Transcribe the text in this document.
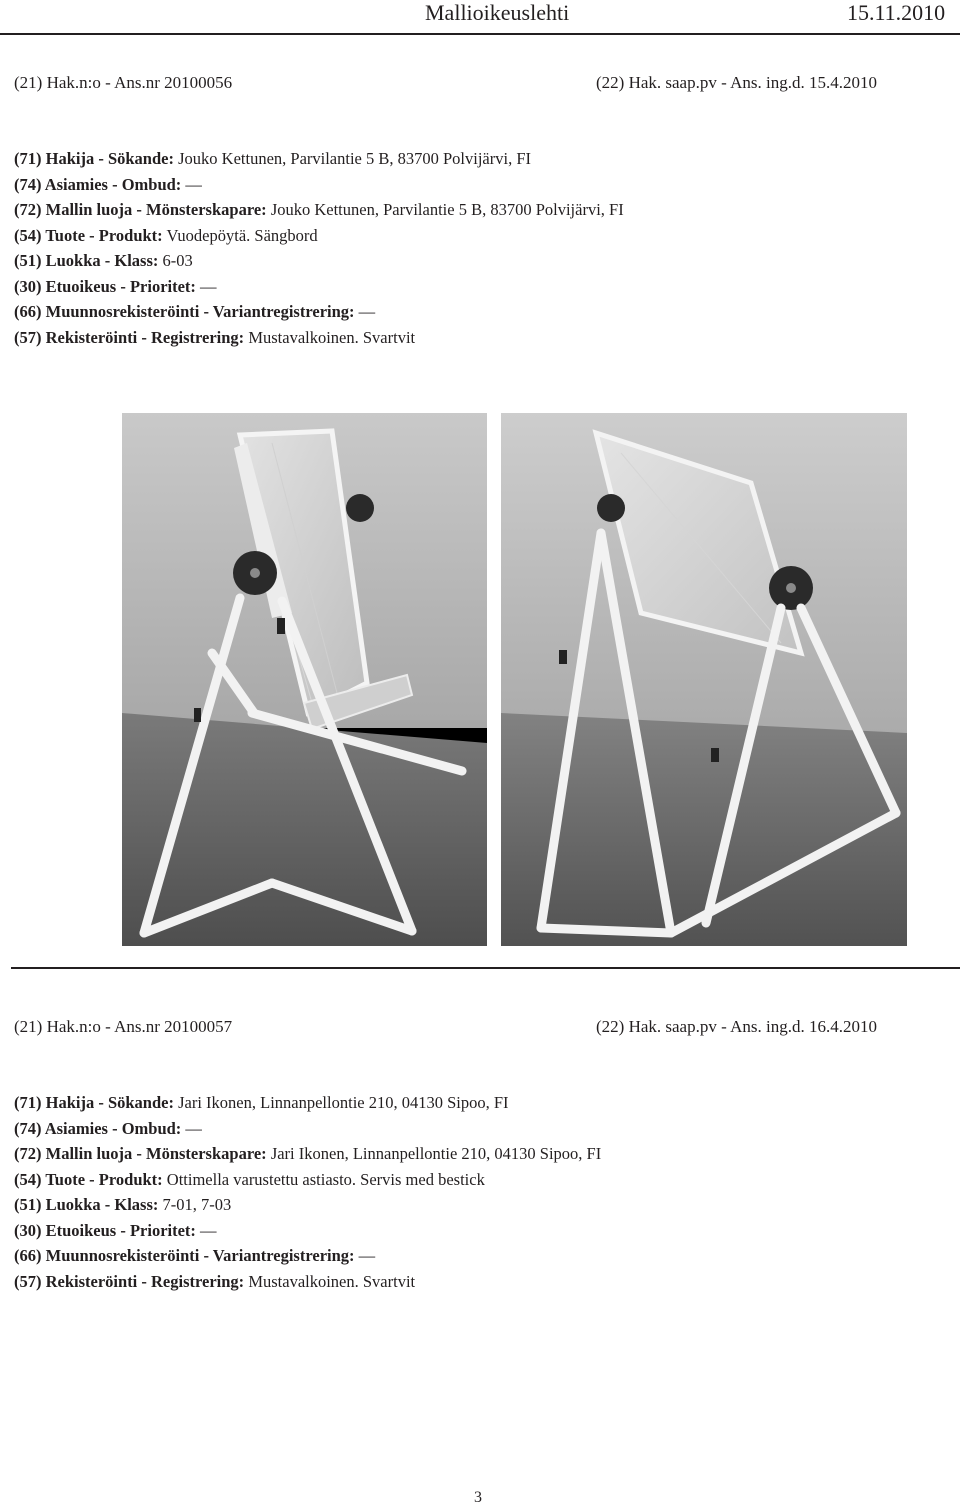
Mallioikeuslehti	15.11.2010
(21) Hak.n:o - Ans.nr 20100056	(22) Hak. saap.pv - Ans. ing.d. 15.4.2010
(71) Hakija - Sökande: Jouko Kettunen, Parvilantie 5 B, 83700 Polvijärvi, FI
(74) Asiamies - Ombud: —
(72) Mallin luoja - Mönsterskapare: Jouko Kettunen, Parvilantie 5 B, 83700 Polvijärvi, FI
(54) Tuote - Produkt: Vuodepöytä. Sängbord
(51) Luokka - Klass: 6-03
(30) Etuoikeus - Prioritet: —
(66) Muunnosrekisteröinti - Variantregistrering: —
(57) Rekisteröinti - Registrering: Mustavalkoinen. Svartvit
(21) Hak.n:o - Ans.nr 20100057	(22) Hak. saap.pv - Ans. ing.d. 16.4.2010
(71) Hakija - Sökande: Jari Ikonen, Linnanpellontie 210, 04130 Sipoo, FI
(74) Asiamies - Ombud: —
(72) Mallin luoja - Mönsterskapare: Jari Ikonen, Linnanpellontie 210, 04130 Sipoo, FI
(54) Tuote - Produkt: Ottimella varustettu astiasto. Servis med bestick
(51) Luokka - Klass: 7-01, 7-03
(30) Etuoikeus - Prioritet: —
(66) Muunnosrekisteröinti - Variantregistrering: —
(57) Rekisteröinti - Registrering: Mustavalkoinen. Svartvit
3
